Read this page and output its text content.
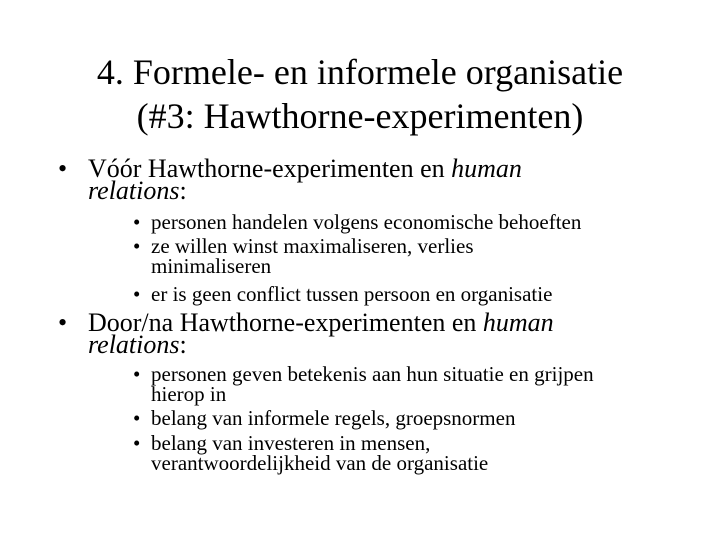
4. Formele- en informele organisatie
(#3: Hawthorne-experimenten)
• Vóór Hawthorne-experimenten en human
relations:
• personen handelen volgens economische behoeften
• ze willen winst maximaliseren, verlies
minimaliseren
• er is geen conflict tussen persoon en organisatie
• Door/na Hawthorne-experimenten en human
relations:
• personen geven betekenis aan hun situatie en grijpen
hierop in
• belang van informele regels, groepsnormen
• belang van investeren in mensen,
verantwoordelijkheid van de organisatie
